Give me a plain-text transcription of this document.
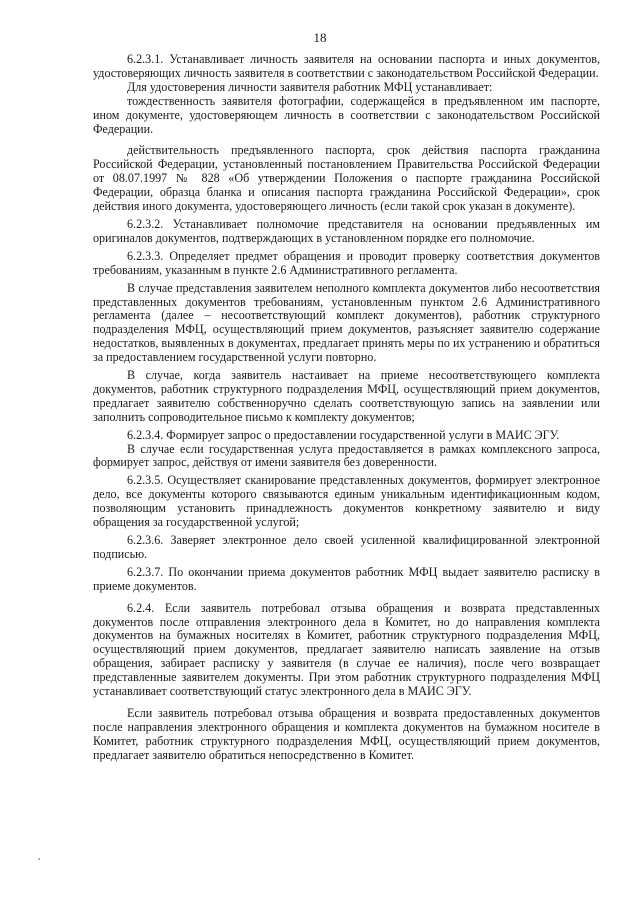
18

6.2.3.1. Устанавливает личность заявителя на основании паспорта и иных документов, удостоверяющих личность заявителя в соответствии с законодательством Российской Федерации.

Для удостоверения личности заявителя работник МФЦ устанавливает:

тождественность заявителя фотографии, содержащейся в предъявленном им паспорте, ином документе, удостоверяющем личность в соответствии с законодательством Российской Федерации.

действительность предъявленного паспорта, срок действия паспорта гражданина Российской Федерации, установленный постановлением Правительства Российской Федерации от 08.07.1997 № 828 «Об утверждении Положения о паспорте гражданина Российской Федерации, образца бланка и описания паспорта гражданина Российской Федерации», срок действия иного документа, удостоверяющего личность (если такой срок указан в документе).

6.2.3.2. Устанавливает полномочие представителя на основании предъявленных им оригиналов документов, подтверждающих в установленном порядке его полномочие.

6.2.3.3. Определяет предмет обращения и проводит проверку соответствия документов требованиям, указанным в пункте 2.6 Административного регламента.

В случае представления заявителем неполного комплекта документов либо несоответствия представленных документов требованиям, установленным пунктом 2.6 Административного регламента (далее – несоответствующий комплект документов), работник структурного подразделения МФЦ, осуществляющий прием документов, разъясняет заявителю содержание недостатков, выявленных в документах, предлагает принять меры по их устранению и обратиться за предоставлением государственной услуги повторно.

В случае, когда заявитель настаивает на приеме несоответствующего комплекта документов, работник структурного подразделения МФЦ, осуществляющий прием документов, предлагает заявителю собственноручно сделать соответствующую запись на заявлении или заполнить сопроводительное письмо к комплекту документов;

6.2.3.4. Формирует запрос о предоставлении государственной услуги в МАИС ЭГУ.

В случае если государственная услуга предоставляется в рамках комплексного запроса, формирует запрос, действуя от имени заявителя без доверенности.

6.2.3.5. Осуществляет сканирование представленных документов, формирует электронное дело, все документы которого связываются единым уникальным идентификационным кодом, позволяющим установить принадлежность документов конкретному заявителю и виду обращения за государственной услугой;

6.2.3.6. Заверяет электронное дело своей усиленной квалифицированной электронной подписью.

6.2.3.7. По окончании приема документов работник МФЦ выдает заявителю расписку в приеме документов.

6.2.4. Если заявитель потребовал отзыва обращения и возврата представленных документов после отправления электронного дела в Комитет, но до направления комплекта документов на бумажных носителях в Комитет, работник структурного подразделения МФЦ, осуществляющий прием документов, предлагает заявителю написать заявление на отзыв обращения, забирает расписку у заявителя (в случае ее наличия), после чего возвращает представленные заявителем документы. При этом работник структурного подразделения МФЦ устанавливает соответствующий статус электронного дела в МАИС ЭГУ.

Если заявитель потребовал отзыва обращения и возврата предоставленных документов после направления электронного обращения и комплекта документов на бумажном носителе в Комитет, работник структурного подразделения МФЦ, осуществляющий прием документов, предлагает заявителю обратиться непосредственно в Комитет.
